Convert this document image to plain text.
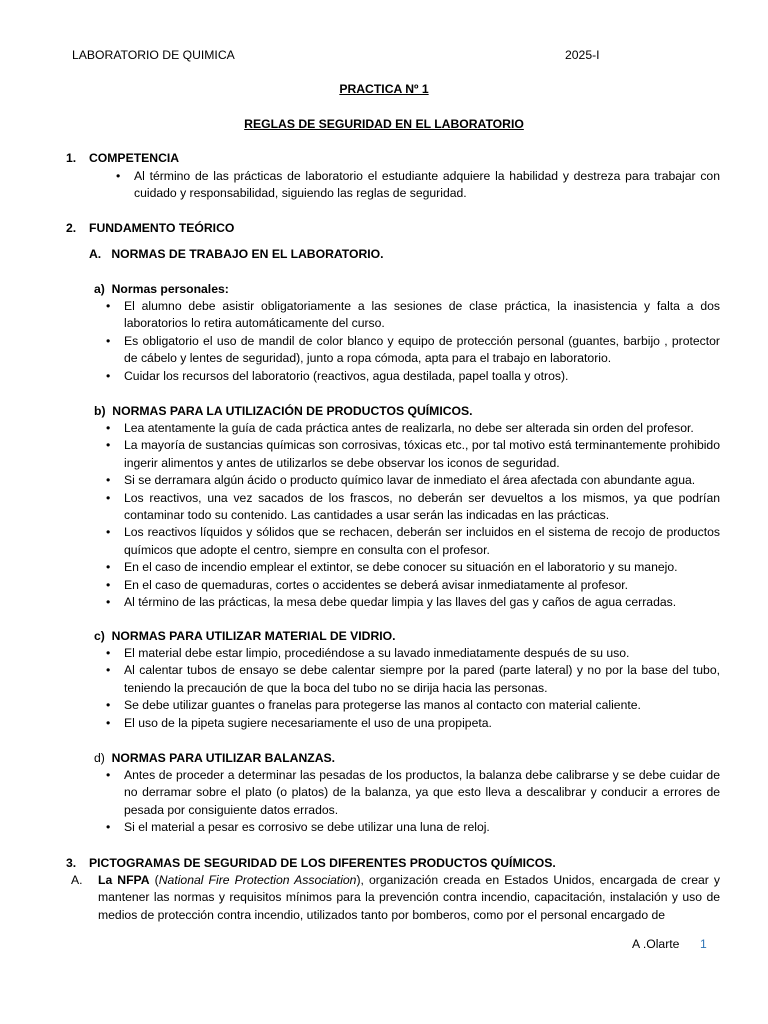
LABORATORIO DE QUIMICA	2025-I
PRACTICA Nº 1
REGLAS DE SEGURIDAD EN EL LABORATORIO
1. COMPETENCIA
• Al término de las prácticas de laboratorio el estudiante adquiere la habilidad y destreza para trabajar con cuidado y responsabilidad, siguiendo las reglas de seguridad.
2. FUNDAMENTO TEÓRICO
A.   NORMAS DE TRABAJO EN EL LABORATORIO.
a) Normas personales:
• El alumno debe asistir obligatoriamente a las sesiones de clase práctica, la inasistencia y falta a dos laboratorios lo retira automáticamente del curso.
• Es obligatorio el uso de mandil de color blanco y equipo de protección personal (guantes, barbijo , protector de cábelo y lentes de seguridad), junto a ropa cómoda, apta para el trabajo en laboratorio.
• Cuidar los recursos del laboratorio (reactivos, agua destilada, papel toalla y otros).
b) NORMAS PARA LA UTILIZACIÓN DE PRODUCTOS QUÍMICOS.
• Lea atentamente la guía de cada práctica antes de realizarla, no debe ser alterada sin orden del profesor.
• La mayoría de sustancias químicas son corrosivas, tóxicas etc., por tal motivo está terminantemente prohibido ingerir alimentos y antes de utilizarlos se debe observar los iconos de seguridad.
• Si se derramara algún ácido o producto químico lavar de inmediato el área afectada con abundante agua.
• Los reactivos, una vez sacados de los frascos, no deberán ser devueltos a los mismos, ya que podrían contaminar todo su contenido. Las cantidades a usar serán las indicadas en las prácticas.
• Los reactivos líquidos y sólidos que se rechacen, deberán ser incluidos en el sistema de recojo de productos químicos que adopte el centro, siempre en consulta con el profesor.
• En el caso de incendio emplear el extintor, se debe conocer su situación en el laboratorio y su manejo.
• En el caso de quemaduras, cortes o accidentes se deberá avisar inmediatamente al profesor.
• Al término de las prácticas, la mesa debe quedar limpia y las llaves del gas y caños de agua cerradas.
c) NORMAS PARA UTILIZAR MATERIAL DE VIDRIO.
• El material debe estar limpio, procediéndose a su lavado inmediatamente después de su uso.
• Al calentar tubos de ensayo se debe calentar siempre por la pared (parte lateral) y no por la base del tubo, teniendo la precaución de que la boca del tubo no se dirija hacia las personas.
• Se debe utilizar guantes o franelas para protegerse las manos al contacto con material caliente.
• El uso de la pipeta sugiere necesariamente el uso de una propipeta.
d) NORMAS PARA UTILIZAR BALANZAS.
• Antes de proceder a determinar las pesadas de los productos, la balanza debe calibrarse y se debe cuidar de no derramar sobre el plato (o platos) de la balanza, ya que esto lleva a descalibrar y conducir a errores de pesada por consiguiente datos errados.
• Si el material a pesar es corrosivo se debe utilizar una luna de reloj.
3. PICTOGRAMAS DE SEGURIDAD DE LOS DIFERENTES PRODUCTOS QUÍMICOS.
A. La NFPA (National Fire Protection Association), organización creada en Estados Unidos, encargada de crear y mantener las normas y requisitos mínimos para la prevención contra incendio, capacitación, instalación y uso de medios de protección contra incendio, utilizados tanto por bomberos, como por el personal encargado de
A .Olarte 1
